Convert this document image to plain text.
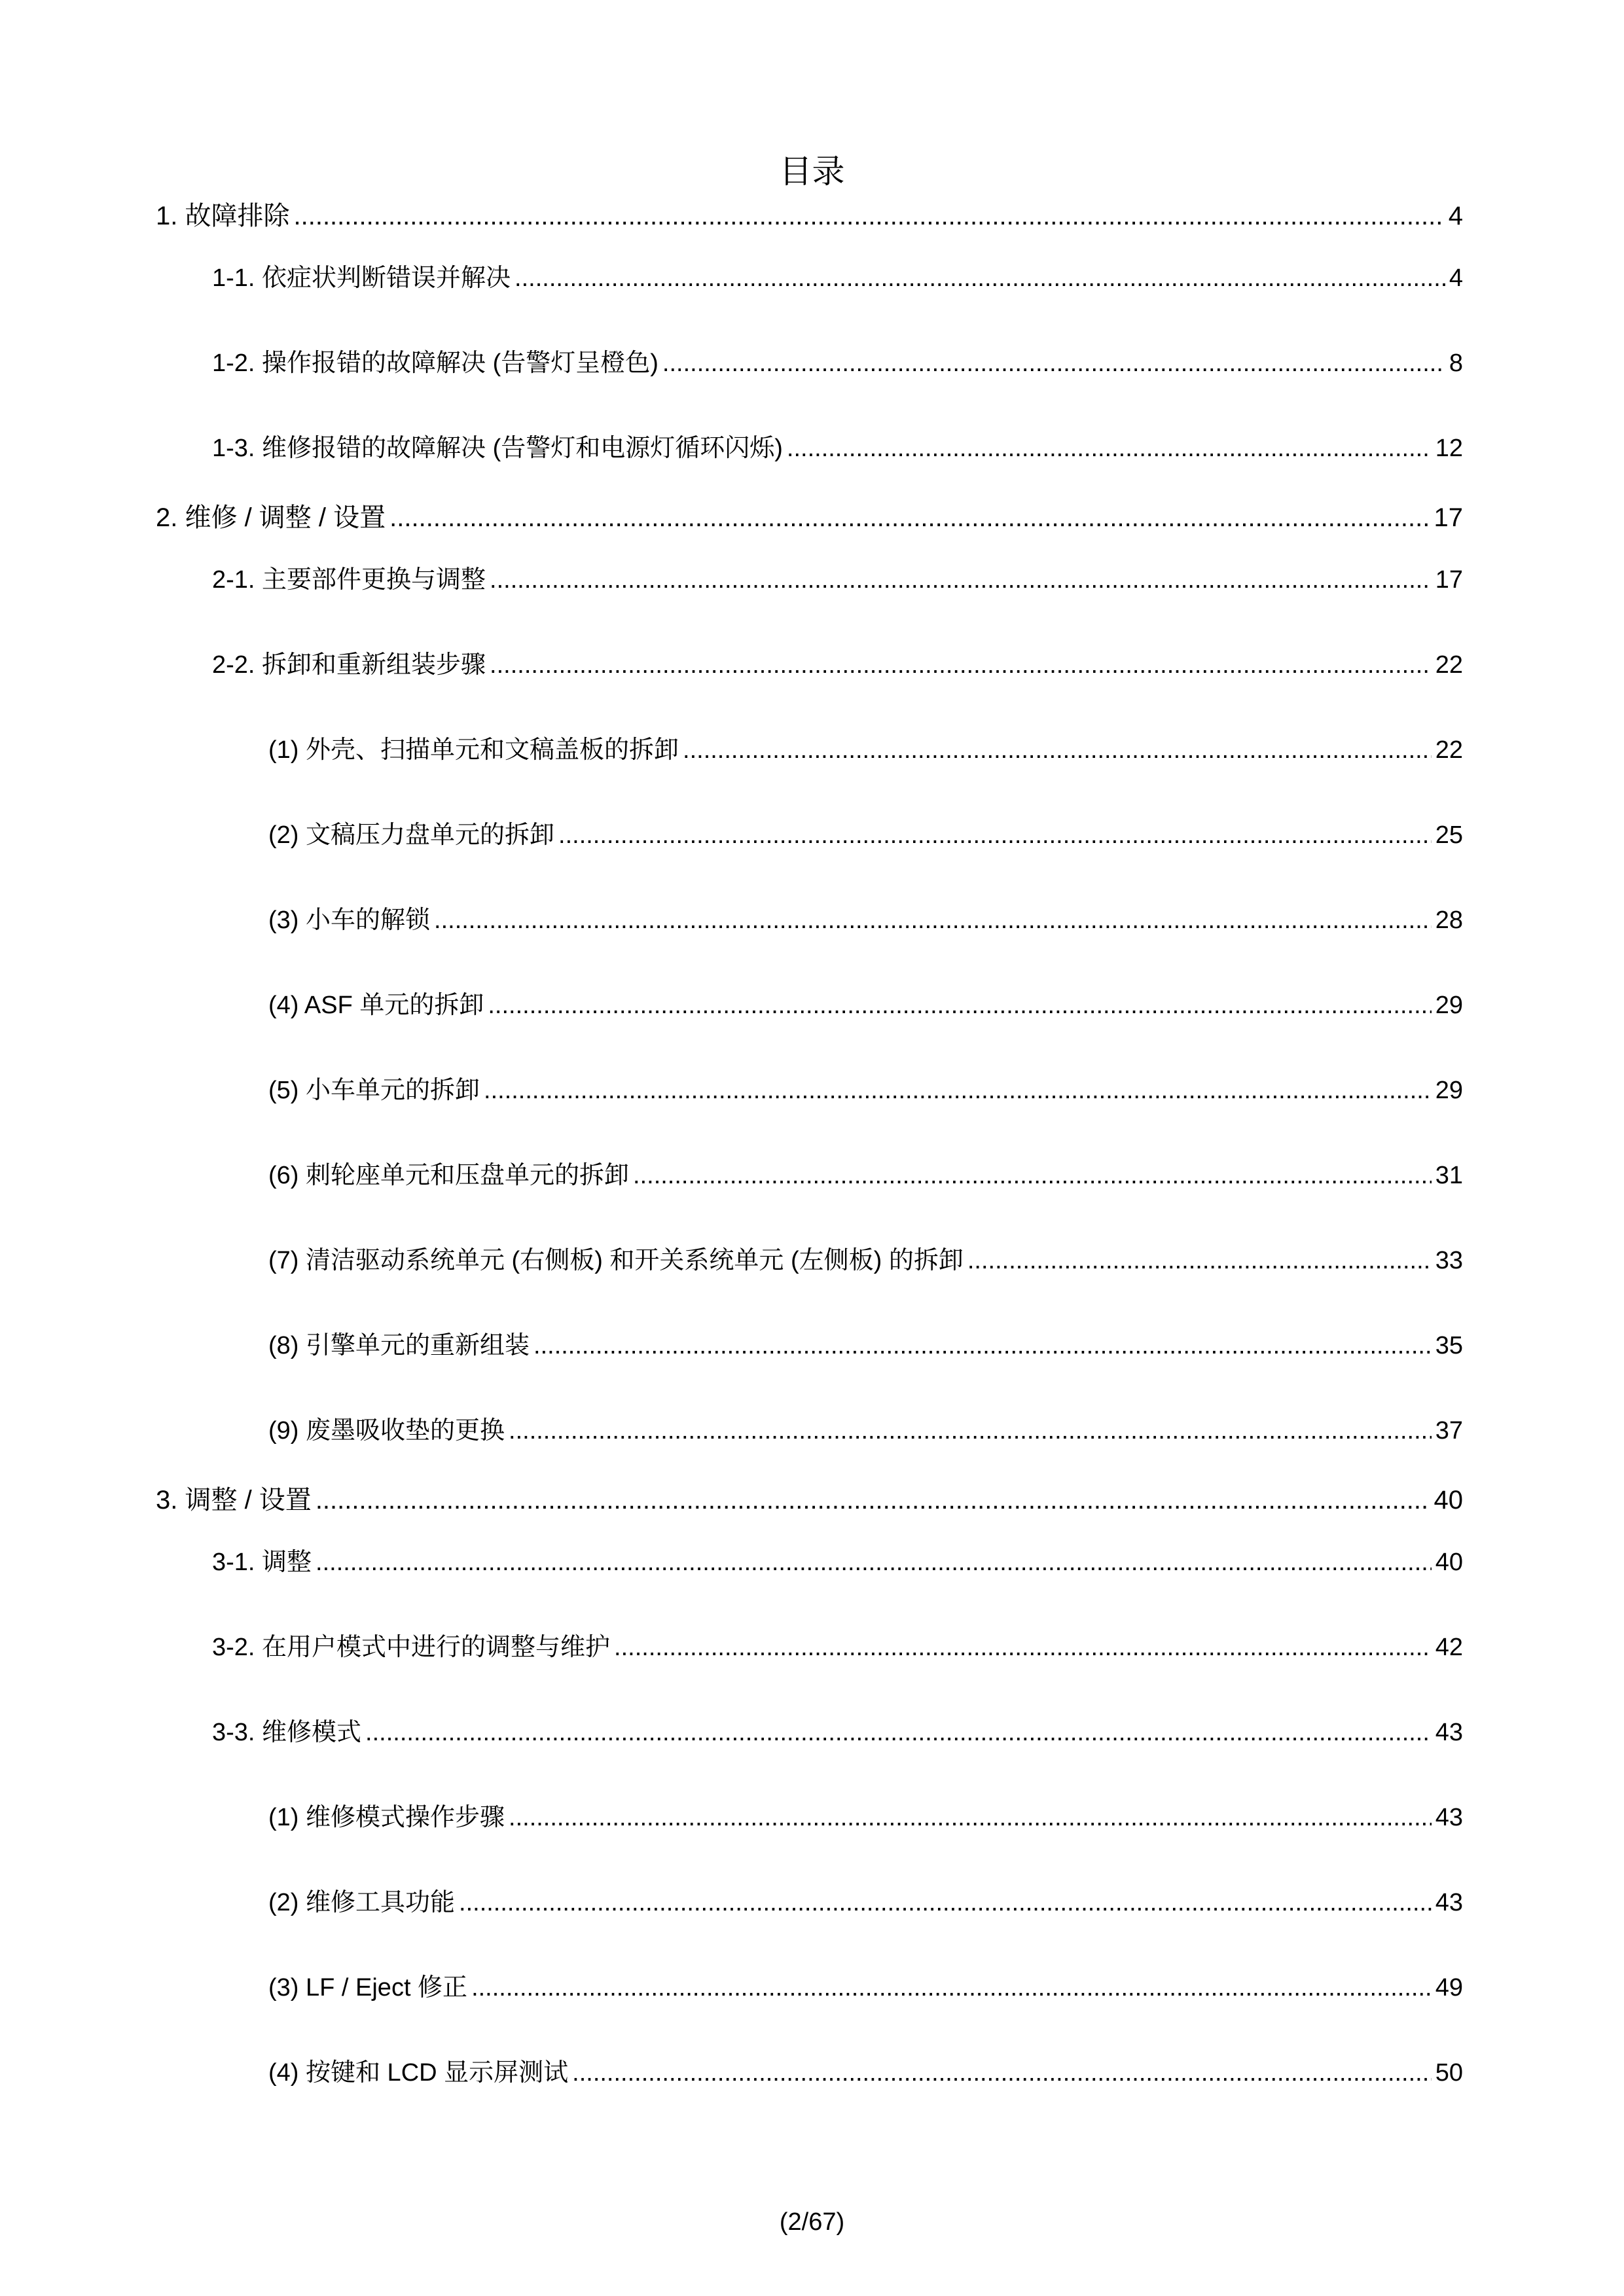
目录
1. 故障排除 .....	4
1-1. 依症状判断错误并解决 .....	4
1-2. 操作报错的故障解决 (告警灯呈橙色) .....	8
1-3. 维修报错的故障解决 (告警灯和电源灯循环闪烁) .....	12
2. 维修 / 调整 / 设置 .....	17
2-1. 主要部件更换与调整 .....	17
2-2. 拆卸和重新组装步骤 .....	22
(1) 外壳、扫描单元和文稿盖板的拆卸 .....	22
(2) 文稿压力盘单元的拆卸 .....	25
(3) 小车的解锁 .....	28
(4) ASF 单元的拆卸 .....	29
(5) 小车单元的拆卸 .....	29
(6) 刺轮座单元和压盘单元的拆卸 .....	31
(7) 清洁驱动系统单元 (右侧板) 和开关系统单元 (左侧板) 的拆卸 .....	33
(8) 引擎单元的重新组装 .....	35
(9) 废墨吸收垫的更换 .....	37
3. 调整 / 设置 .....	40
3-1. 调整 .....	40
3-2. 在用户模式中进行的调整与维护 .....	42
3-3. 维修模式 .....	43
(1) 维修模式操作步骤 .....	43
(2) 维修工具功能 .....	43
(3) LF / Eject 修正 .....	49
(4) 按键和 LCD 显示屏测试 .....	50
(2/67)
